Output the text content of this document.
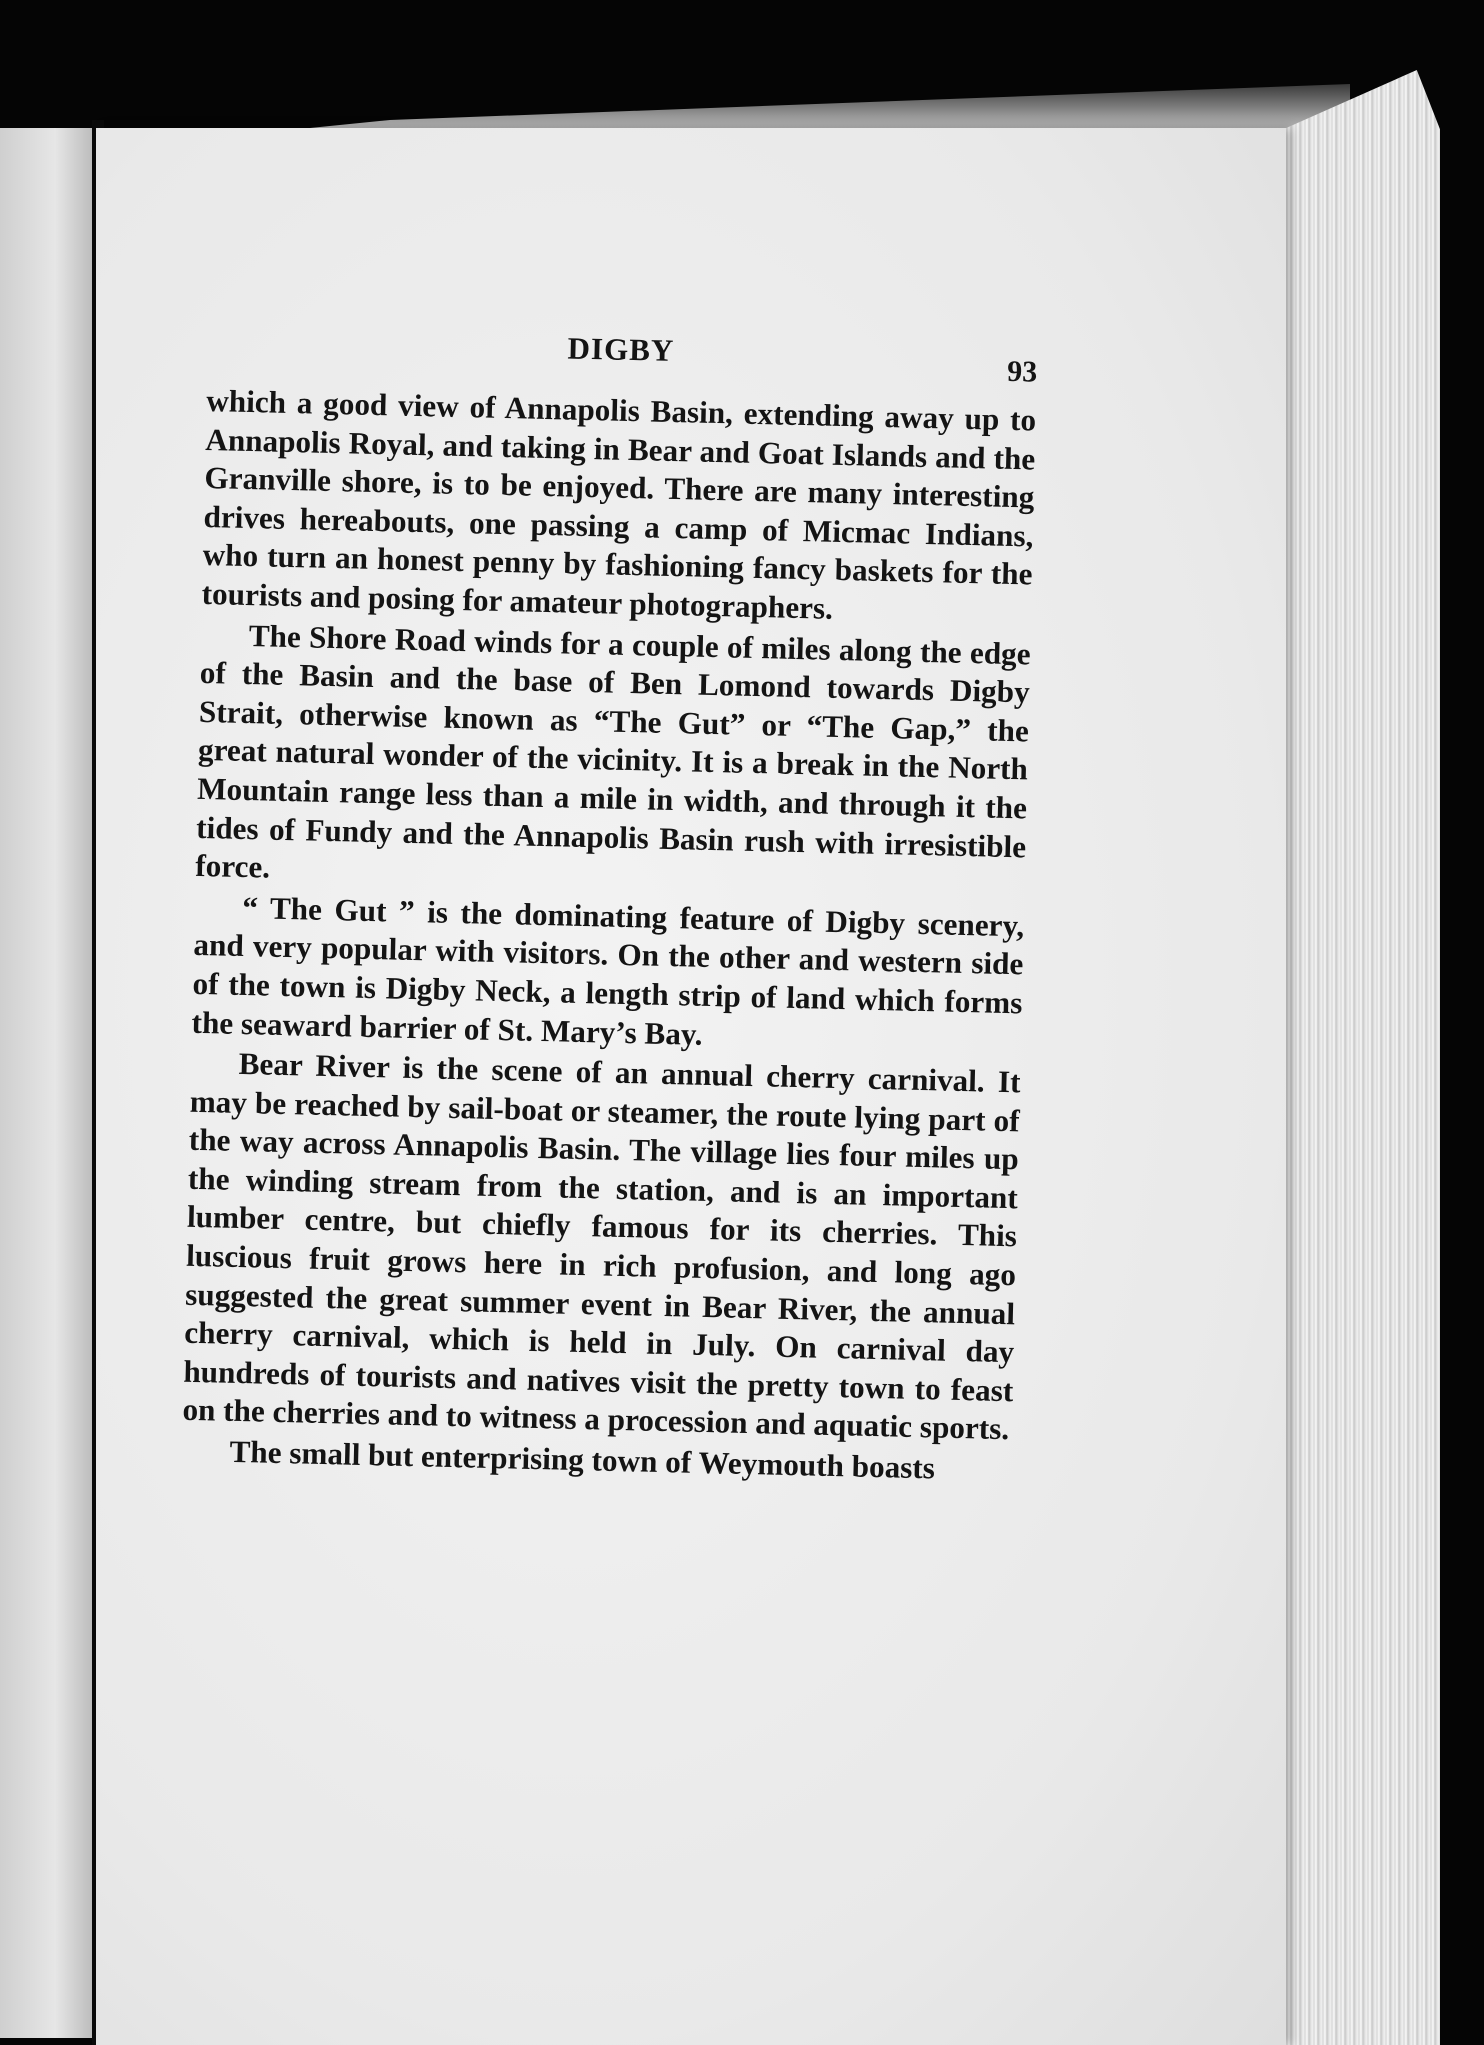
DIGBY
93

which a good view of Annapolis Basin, extending away up to Annapolis Royal, and taking in Bear and Goat Islands and the Granville shore, is to be enjoyed. There are many interesting drives hereabouts, one passing a camp of Micmac Indians, who turn an honest penny by fashioning fancy baskets for the tourists and posing for amateur photographers.

The Shore Road winds for a couple of miles along the edge of the Basin and the base of Ben Lomond towards Digby Strait, otherwise known as “The Gut” or “The Gap,” the great natural wonder of the vicinity. It is a break in the North Mountain range less than a mile in width, and through it the tides of Fundy and the Annapolis Basin rush with irresistible force.

“ The Gut ” is the dominating feature of Digby scenery, and very popular with visitors. On the other and western side of the town is Digby Neck, a length strip of land which forms the seaward barrier of St. Mary’s Bay.

Bear River is the scene of an annual cherry carnival. It may be reached by sail-boat or steamer, the route lying part of the way across Annapolis Basin. The village lies four miles up the winding stream from the station, and is an important lumber centre, but chiefly famous for its cherries. This luscious fruit grows here in rich profusion, and long ago suggested the great summer event in Bear River, the annual cherry carnival, which is held in July. On carnival day hundreds of tourists and natives visit the pretty town to feast on the cherries and to witness a procession and aquatic sports.

The small but enterprising town of Weymouth boasts
